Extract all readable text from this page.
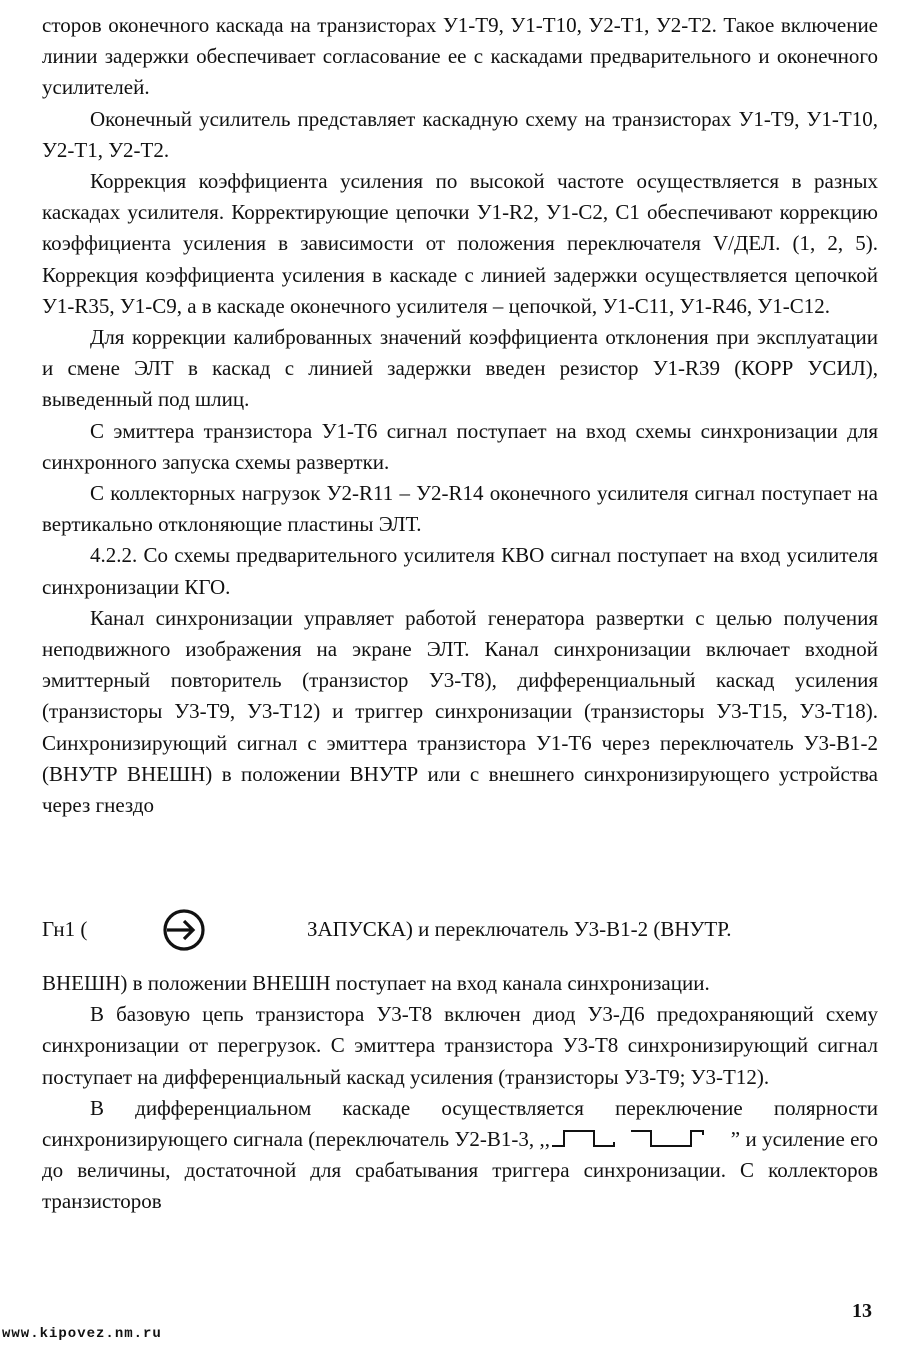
сторов оконечного каскада на транзисторах У1-Т9, У1-Т10, У2-Т1, У2-Т2. Такое включение линии задержки обеспечивает согласование ее с каскадами предварительного и оконечного усилителей.

Оконечный усилитель представляет каскадную схему на транзисторах У1-Т9, У1-Т10, У2-Т1, У2-Т2.

Коррекция коэффициента усиления по высокой частоте осуществляется в разных каскадах усилителя. Корректирующие цепочки У1-R2, У1-С2, С1 обеспечивают коррекцию коэффициента усиления в зависимости от положения переключателя V/ДЕЛ. (1, 2, 5). Коррекция коэффициента усиления в каскаде с линией задержки осуществляется цепочкой У1-R35, У1-С9, а в каскаде оконечного усилителя – цепочкой, У1-С11, У1-R46, У1-С12.

Для коррекции калиброванных значений коэффициента отклонения при эксплуатации и смене ЭЛТ в каскад с линией задержки введен резистор У1-R39 (КОРР УСИЛ), выведенный под шлиц.

С эмиттера транзистора У1-Т6 сигнал поступает на вход схемы синхронизации для синхронного запуска схемы развертки.

С коллекторных нагрузок У2-R11 – У2-R14 оконечного усилителя сигнал поступает на вертикально отклоняющие пластины ЭЛТ.

4.2.2. Со схемы предварительного усилителя КВО сигнал поступает на вход усилителя синхронизации КГО.

Канал синхронизации управляет работой генератора развертки с целью получения неподвижного изображения на экране ЭЛТ. Канал синхронизации включает входной эмиттерный повторитель (транзистор У3-Т8), дифференциальный каскад усиления (транзисторы У3-Т9, У3-Т12) и триггер синхронизации (транзисторы У3-Т15, У3-Т18). Синхронизирующий сигнал с эмиттера транзистора У1-Т6 через переключатель У3-В1-2 (ВНУТР ВНЕШН) в положении ВНУТР или с внешнего синхронизирующего устройства через гнездо

Гн1 (	ЗАПУСКА) и переключатель У3-В1-2 (ВНУТР.

ВНЕШН) в положении ВНЕШН поступает на вход канала синхронизации.

В базовую цепь транзистора У3-Т8 включен диод У3-Д6 предохраняющий схему синхронизации от перегрузок. С эмиттера транзистора У3-Т8 синхронизирующий сигнал поступает на дифференциальный каскад усиления (транзисторы У3-Т9; У3-Т12).

В дифференциальном каскаде осуществляется переключение полярности синхронизирующего сигнала (переключатель У2-В1-3, ,,	” и усиление его до величины, достаточной для срабатывания триггера синхронизации. С коллекторов транзисторов

13
www.kipovez.nm.ru
